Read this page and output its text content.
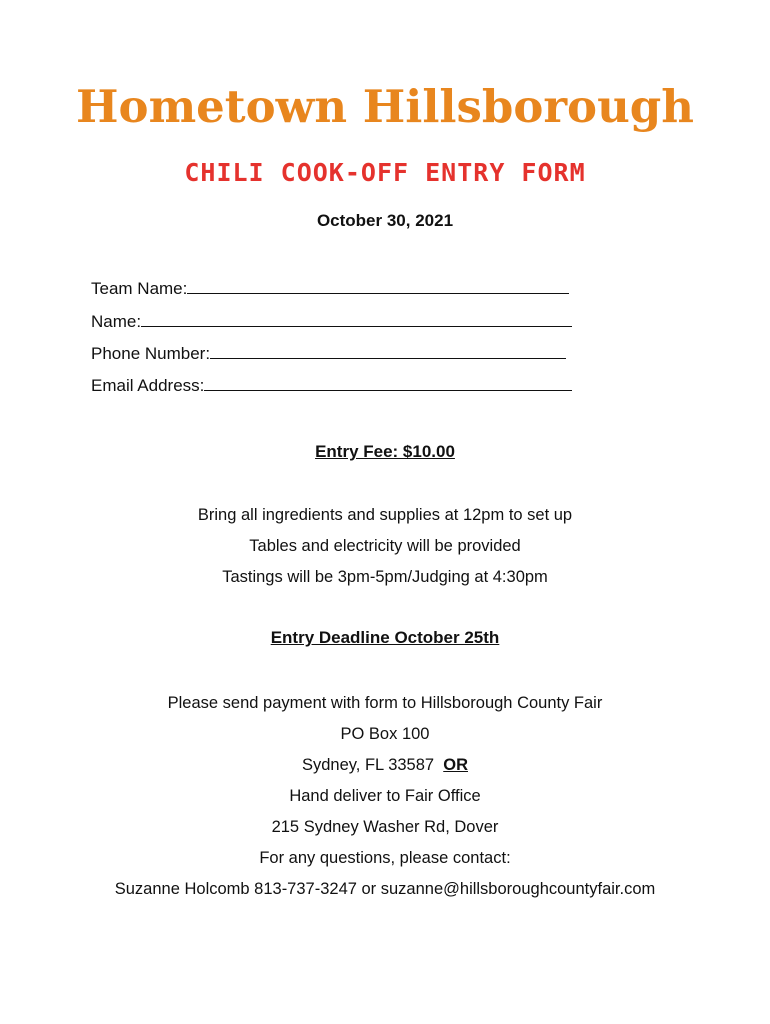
Hometown Hillsborough
CHILI COOK-OFF ENTRY FORM
October 30, 2021
Team Name:
Name:
Phone Number:
Email Address:
Entry Fee: $10.00
Bring all ingredients and supplies at 12pm to set up
Tables and electricity will be provided
Tastings will be 3pm-5pm/Judging at 4:30pm
Entry Deadline October 25th
Please send payment with form to Hillsborough County Fair
PO Box 100
Sydney, FL 33587 OR
Hand deliver to Fair Office
215 Sydney Washer Rd, Dover
For any questions, please contact:
Suzanne Holcomb 813-737-3247 or suzanne@hillsboroughcountyfair.com
